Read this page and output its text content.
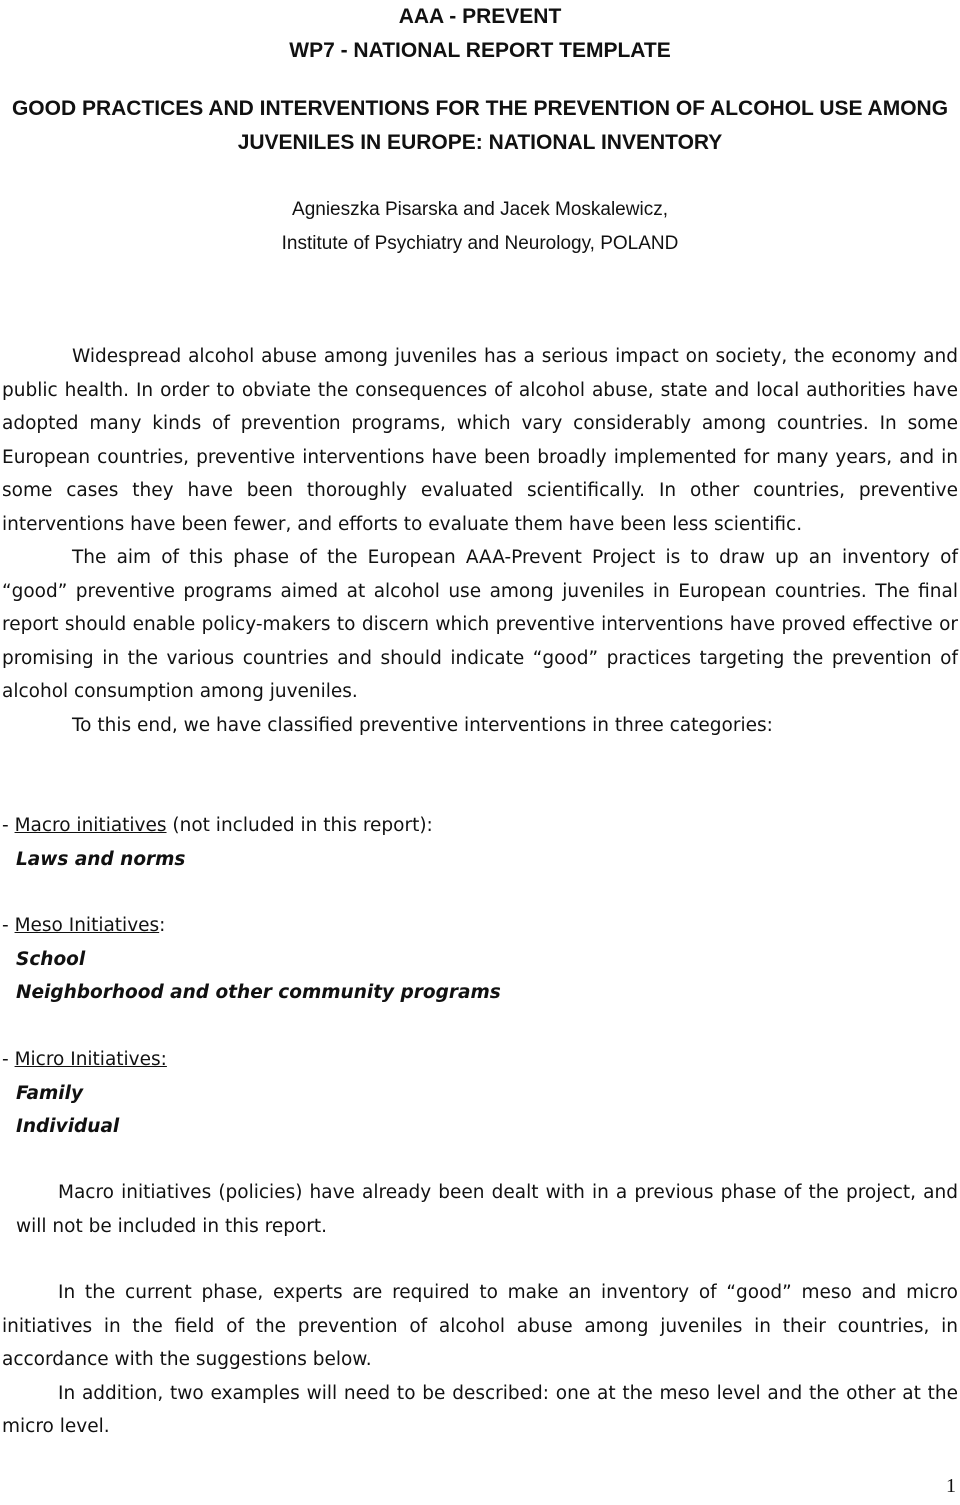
AAA - PREVENT
WP7 - NATIONAL REPORT TEMPLATE
GOOD PRACTICES AND INTERVENTIONS FOR THE PREVENTION OF ALCOHOL USE AMONG
JUVENILES IN EUROPE: NATIONAL INVENTORY
Agnieszka Pisarska and Jacek Moskalewicz,
Institute of Psychiatry and Neurology, POLAND

Widespread alcohol abuse among juveniles has a serious impact on society, the economy and public health. In order to obviate the consequences of alcohol abuse, state and local authorities have adopted many kinds of prevention programs, which vary considerably among countries. In some European countries, preventive interventions have been broadly implemented for many years, and in some cases they have been thoroughly evaluated scientifically. In other countries, preventive interventions have been fewer, and efforts to evaluate them have been less scientific.

The aim of this phase of the European AAA-Prevent Project is to draw up an inventory of “good” preventive programs aimed at alcohol use among juveniles in European countries. The final report should enable policy-makers to discern which preventive interventions have proved effective or promising in the various countries and should indicate “good” practices targeting the prevention of alcohol consumption among juveniles.

To this end, we have classified preventive interventions in three categories:

- Macro initiatives (not included in this report):
Laws and norms
- Meso Initiatives:
School
Neighborhood and other community programs
- Micro Initiatives:
Family
Individual

Macro initiatives (policies) have already been dealt with in a previous phase of the project, and will not be included in this report.

In the current phase, experts are required to make an inventory of “good” meso and micro initiatives in the field of the prevention of alcohol abuse among juveniles in their countries, in accordance with the suggestions below.

In addition, two examples will need to be described: one at the meso level and the other at the micro level.

1
